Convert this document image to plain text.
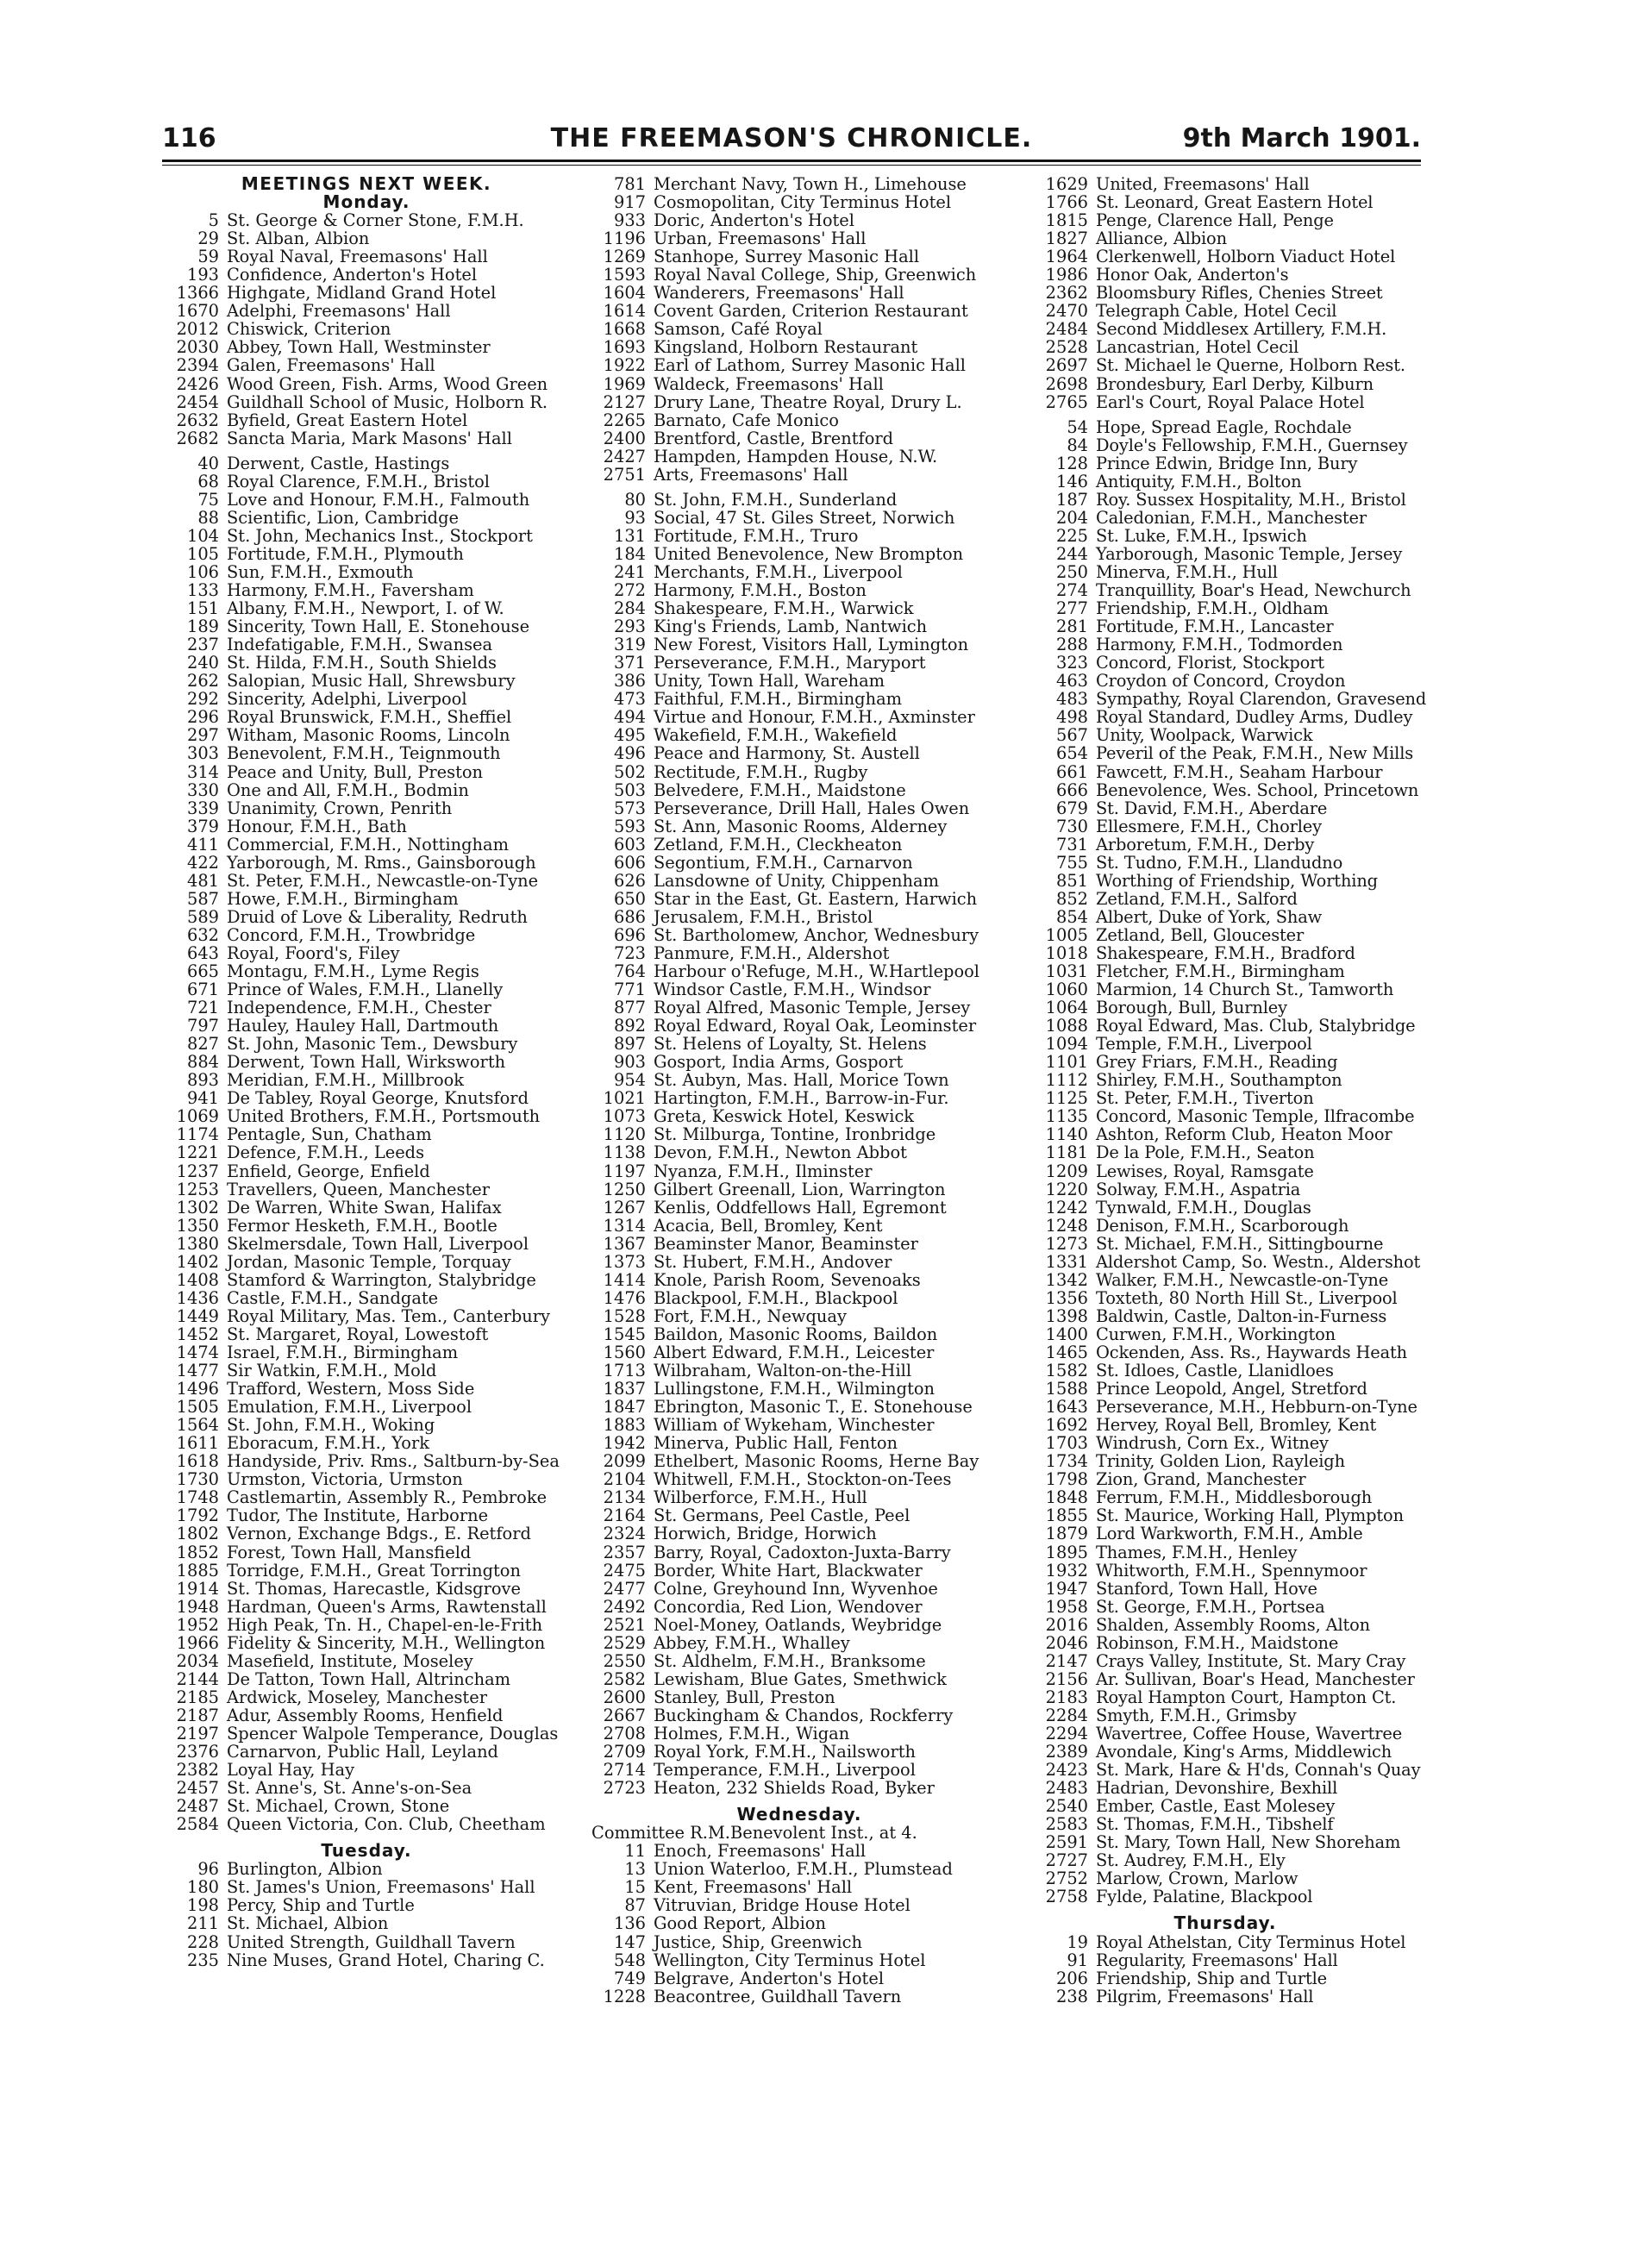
116	THE FREEMASON'S CHRONICLE.	9th March 1901.
MEETINGS NEXT WEEK.
Monday.
5 St. George & Corner Stone, F.M.H.
29 St. Alban, Albion
59 Royal Naval, Freemasons' Hall
193 Confidence, Anderton's Hotel
1366 Highgate, Midland Grand Hotel
1670 Adelphi, Freemasons' Hall
2012 Chiswick, Criterion
2030 Abbey, Town Hall, Westminster
2394 Galen, Freemasons' Hall
2426 Wood Green, Fish. Arms, Wood Green
2454 Guildhall School of Music, Holborn R.
2632 Byfield, Great Eastern Hotel
2682 Sancta Maria, Mark Masons' Hall
40 Derwent, Castle, Hastings
68 Royal Clarence, F.M.H., Bristol
75 Love and Honour, F.M.H., Falmouth
88 Scientific, Lion, Cambridge
104 St. John, Mechanics Inst., Stockport
105 Fortitude, F.M.H., Plymouth
106 Sun, F.M.H., Exmouth
133 Harmony, F.M.H., Faversham
151 Albany, F.M.H., Newport, I. of W.
189 Sincerity, Town Hall, E. Stonehouse
237 Indefatigable, F.M.H., Swansea
240 St. Hilda, F.M.H., South Shields
262 Salopian, Music Hall, Shrewsbury
292 Sincerity, Adelphi, Liverpool
296 Royal Brunswick, F.M.H., Sheffiel
297 Witham, Masonic Rooms, Lincoln
303 Benevolent, F.M.H., Teignmouth
314 Peace and Unity, Bull, Preston
330 One and All, F.M.H., Bodmin
339 Unanimity, Crown, Penrith
379 Honour, F.M.H., Bath
411 Commercial, F.M.H., Nottingham
422 Yarborough, M. Rms., Gainsborough
481 St. Peter, F.M.H., Newcastle-on-Tyne
587 Howe, F.M.H., Birmingham
589 Druid of Love & Liberality, Redruth
632 Concord, F.M.H., Trowbridge
643 Royal, Foord's, Filey
665 Montagu, F.M.H., Lyme Regis
671 Prince of Wales, F.M.H., Llanelly
721 Independence, F.M.H., Chester
797 Hauley, Hauley Hall, Dartmouth
827 St. John, Masonic Tem., Dewsbury
884 Derwent, Town Hall, Wirksworth
893 Meridian, F.M.H., Millbrook
941 De Tabley, Royal George, Knutsford
1069 United Brothers, F.M.H., Portsmouth
1174 Pentagle, Sun, Chatham
1221 Defence, F.M.H., Leeds
1237 Enfield, George, Enfield
1253 Travellers, Queen, Manchester
1302 De Warren, White Swan, Halifax
1350 Fermor Hesketh, F.M.H., Bootle
1380 Skelmersdale, Town Hall, Liverpool
1402 Jordan, Masonic Temple, Torquay
1408 Stamford & Warrington, Stalybridge
1436 Castle, F.M.H., Sandgate
1449 Royal Military, Mas. Tem., Canterbury
1452 St. Margaret, Royal, Lowestoft
1474 Israel, F.M.H., Birmingham
1477 Sir Watkin, F.M.H., Mold
1496 Trafford, Western, Moss Side
1505 Emulation, F.M.H., Liverpool
1564 St. John, F.M.H., Woking
1611 Eboracum, F.M.H., York
1618 Handyside, Priv. Rms., Saltburn-by-Sea
1730 Urmston, Victoria, Urmston
1748 Castlemartin, Assembly R., Pembroke
1792 Tudor, The Institute, Harborne
1802 Vernon, Exchange Bdgs., E. Retford
1852 Forest, Town Hall, Mansfield
1885 Torridge, F.M.H., Great Torrington
1914 St. Thomas, Harecastle, Kidsgrove
1948 Hardman, Queen's Arms, Rawtenstall
1952 High Peak, Tn. H., Chapel-en-le-Frith
1966 Fidelity & Sincerity, M.H., Wellington
2034 Masefield, Institute, Moseley
2144 De Tatton, Town Hall, Altrincham
2185 Ardwick, Moseley, Manchester
2187 Adur, Assembly Rooms, Henfield
2197 Spencer Walpole Temperance, Douglas
2376 Carnarvon, Public Hall, Leyland
2382 Loyal Hay, Hay
2457 St. Anne's, St. Anne's-on-Sea
2487 St. Michael, Crown, Stone
2584 Queen Victoria, Con. Club, Cheetham
Tuesday.
96 Burlington, Albion
180 St. James's Union, Freemasons' Hall
198 Percy, Ship and Turtle
211 St. Michael, Albion
228 United Strength, Guildhall Tavern
235 Nine Muses, Grand Hotel, Charing C.
781 Merchant Navy, Town H., Limehouse
917 Cosmopolitan, City Terminus Hotel
933 Doric, Anderton's Hotel
1196 Urban, Freemasons' Hall
1269 Stanhope, Surrey Masonic Hall
1593 Royal Naval College, Ship, Greenwich
1604 Wanderers, Freemasons' Hall
1614 Covent Garden, Criterion Restaurant
1668 Samson, Café Royal
1693 Kingsland, Holborn Restaurant
1922 Earl of Lathom, Surrey Masonic Hall
1969 Waldeck, Freemasons' Hall
2127 Drury Lane, Theatre Royal, Drury L.
2265 Barnato, Cafe Monico
2400 Brentford, Castle, Brentford
2427 Hampden, Hampden House, N.W.
2751 Arts, Freemasons' Hall
80 St. John, F.M.H., Sunderland
93 Social, 47 St. Giles Street, Norwich
131 Fortitude, F.M.H., Truro
184 United Benevolence, New Brompton
241 Merchants, F.M.H., Liverpool
272 Harmony, F.M.H., Boston
284 Shakespeare, F.M.H., Warwick
293 King's Friends, Lamb, Nantwich
319 New Forest, Visitors Hall, Lymington
371 Perseverance, F.M.H., Maryport
386 Unity, Town Hall, Wareham
473 Faithful, F.M.H., Birmingham
494 Virtue and Honour, F.M.H., Axminster
495 Wakefield, F.M.H., Wakefield
496 Peace and Harmony, St. Austell
502 Rectitude, F.M.H., Rugby
503 Belvedere, F.M.H., Maidstone
573 Perseverance, Drill Hall, Hales Owen
593 St. Ann, Masonic Rooms, Alderney
603 Zetland, F.M.H., Cleckheaton
606 Segontium, F.M.H., Carnarvon
626 Lansdowne of Unity, Chippenham
650 Star in the East, Gt. Eastern, Harwich
686 Jerusalem, F.M.H., Bristol
696 St. Bartholomew, Anchor, Wednesbury
723 Panmure, F.M.H., Aldershot
764 Harbour o'Refuge, M.H., W.Hartlepool
771 Windsor Castle, F.M.H., Windsor
877 Royal Alfred, Masonic Temple, Jersey
892 Royal Edward, Royal Oak, Leominster
897 St. Helens of Loyalty, St. Helens
903 Gosport, India Arms, Gosport
954 St. Aubyn, Mas. Hall, Morice Town
1021 Hartington, F.M.H., Barrow-in-Fur.
1073 Greta, Keswick Hotel, Keswick
1120 St. Milburga, Tontine, Ironbridge
1138 Devon, F.M.H., Newton Abbot
1197 Nyanza, F.M.H., Ilminster
1250 Gilbert Greenall, Lion, Warrington
1267 Kenlis, Oddfellows Hall, Egremont
1314 Acacia, Bell, Bromley, Kent
1367 Beaminster Manor, Beaminster
1373 St. Hubert, F.M.H., Andover
1414 Knole, Parish Room, Sevenoaks
1476 Blackpool, F.M.H., Blackpool
1528 Fort, F.M.H., Newquay
1545 Baildon, Masonic Rooms, Baildon
1560 Albert Edward, F.M.H., Leicester
1713 Wilbraham, Walton-on-the-Hill
1837 Lullingstone, F.M.H., Wilmington
1847 Ebrington, Masonic T., E. Stonehouse
1883 William of Wykeham, Winchester
1942 Minerva, Public Hall, Fenton
2099 Ethelbert, Masonic Rooms, Herne Bay
2104 Whitwell, F.M.H., Stockton-on-Tees
2134 Wilberforce, F.M.H., Hull
2164 St. Germans, Peel Castle, Peel
2324 Horwich, Bridge, Horwich
2357 Barry, Royal, Cadoxton-Juxta-Barry
2475 Border, White Hart, Blackwater
2477 Colne, Greyhound Inn, Wyvenhoe
2492 Concordia, Red Lion, Wendover
2521 Noel-Money, Oatlands, Weybridge
2529 Abbey, F.M.H., Whalley
2550 St. Aldhelm, F.M.H., Branksome
2582 Lewisham, Blue Gates, Smethwick
2600 Stanley, Bull, Preston
2667 Buckingham & Chandos, Rockferry
2708 Holmes, F.M.H., Wigan
2709 Royal York, F.M.H., Nailsworth
2714 Temperance, F.M.H., Liverpool
2723 Heaton, 232 Shields Road, Byker
Wednesday.
Committee R.M.Benevolent Inst., at 4.
11 Enoch, Freemasons' Hall
13 Union Waterloo, F.M.H., Plumstead
15 Kent, Freemasons' Hall
87 Vitruvian, Bridge House Hotel
136 Good Report, Albion
147 Justice, Ship, Greenwich
548 Wellington, City Terminus Hotel
749 Belgrave, Anderton's Hotel
1228 Beacontree, Guildhall Tavern
1629 United, Freemasons' Hall
1766 St. Leonard, Great Eastern Hotel
1815 Penge, Clarence Hall, Penge
1827 Alliance, Albion
1964 Clerkenwell, Holborn Viaduct Hotel
1986 Honor Oak, Anderton's
2362 Bloomsbury Rifles, Chenies Street
2470 Telegraph Cable, Hotel Cecil
2484 Second Middlesex Artillery, F.M.H.
2528 Lancastrian, Hotel Cecil
2697 St. Michael le Querne, Holborn Rest.
2698 Brondesbury, Earl Derby, Kilburn
2765 Earl's Court, Royal Palace Hotel
54 Hope, Spread Eagle, Rochdale
84 Doyle's Fellowship, F.M.H., Guernsey
128 Prince Edwin, Bridge Inn, Bury
146 Antiquity, F.M.H., Bolton
187 Roy. Sussex Hospitality, M.H., Bristol
204 Caledonian, F.M.H., Manchester
225 St. Luke, F.M.H., Ipswich
244 Yarborough, Masonic Temple, Jersey
250 Minerva, F.M.H., Hull
274 Tranquillity, Boar's Head, Newchurch
277 Friendship, F.M.H., Oldham
281 Fortitude, F.M.H., Lancaster
288 Harmony, F.M.H., Todmorden
323 Concord, Florist, Stockport
463 Croydon of Concord, Croydon
483 Sympathy, Royal Clarendon, Gravesend
498 Royal Standard, Dudley Arms, Dudley
567 Unity, Woolpack, Warwick
654 Peveril of the Peak, F.M.H., New Mills
661 Fawcett, F.M.H., Seaham Harbour
666 Benevolence, Wes. School, Princetown
679 St. David, F.M.H., Aberdare
730 Ellesmere, F.M.H., Chorley
731 Arboretum, F.M.H., Derby
755 St. Tudno, F.M.H., Llandudno
851 Worthing of Friendship, Worthing
852 Zetland, F.M.H., Salford
854 Albert, Duke of York, Shaw
1005 Zetland, Bell, Gloucester
1018 Shakespeare, F.M.H., Bradford
1031 Fletcher, F.M.H., Birmingham
1060 Marmion, 14 Church St., Tamworth
1064 Borough, Bull, Burnley
1088 Royal Edward, Mas. Club, Stalybridge
1094 Temple, F.M.H., Liverpool
1101 Grey Friars, F.M.H., Reading
1112 Shirley, F.M.H., Southampton
1125 St. Peter, F.M.H., Tiverton
1135 Concord, Masonic Temple, Ilfracombe
1140 Ashton, Reform Club, Heaton Moor
1181 De la Pole, F.M.H., Seaton
1209 Lewises, Royal, Ramsgate
1220 Solway, F.M.H., Aspatria
1242 Tynwald, F.M.H., Douglas
1248 Denison, F.M.H., Scarborough
1273 St. Michael, F.M.H., Sittingbourne
1331 Aldershot Camp, So. Westn., Aldershot
1342 Walker, F.M.H., Newcastle-on-Tyne
1356 Toxteth, 80 North Hill St., Liverpool
1398 Baldwin, Castle, Dalton-in-Furness
1400 Curwen, F.M.H., Workington
1465 Ockenden, Ass. Rs., Haywards Heath
1582 St. Idloes, Castle, Llanidloes
1588 Prince Leopold, Angel, Stretford
1643 Perseverance, M.H., Hebburn-on-Tyne
1692 Hervey, Royal Bell, Bromley, Kent
1703 Windrush, Corn Ex., Witney
1734 Trinity, Golden Lion, Rayleigh
1798 Zion, Grand, Manchester
1848 Ferrum, F.M.H., Middlesborough
1855 St. Maurice, Working Hall, Plympton
1879 Lord Warkworth, F.M.H., Amble
1895 Thames, F.M.H., Henley
1932 Whitworth, F.M.H., Spennymoor
1947 Stanford, Town Hall, Hove
1958 St. George, F.M.H., Portsea
2016 Shalden, Assembly Rooms, Alton
2046 Robinson, F.M.H., Maidstone
2147 Crays Valley, Institute, St. Mary Cray
2156 Ar. Sullivan, Boar's Head, Manchester
2183 Royal Hampton Court, Hampton Ct.
2284 Smyth, F.M.H., Grimsby
2294 Wavertree, Coffee House, Wavertree
2389 Avondale, King's Arms, Middlewich
2423 St. Mark, Hare & H'ds, Connah's Quay
2483 Hadrian, Devonshire, Bexhill
2540 Ember, Castle, East Molesey
2583 St. Thomas, F.M.H., Tibshelf
2591 St. Mary, Town Hall, New Shoreham
2727 St. Audrey, F.M.H., Ely
2752 Marlow, Crown, Marlow
2758 Fylde, Palatine, Blackpool
Thursday.
19 Royal Athelstan, City Terminus Hotel
91 Regularity, Freemasons' Hall
206 Friendship, Ship and Turtle
238 Pilgrim, Freemasons' Hall
